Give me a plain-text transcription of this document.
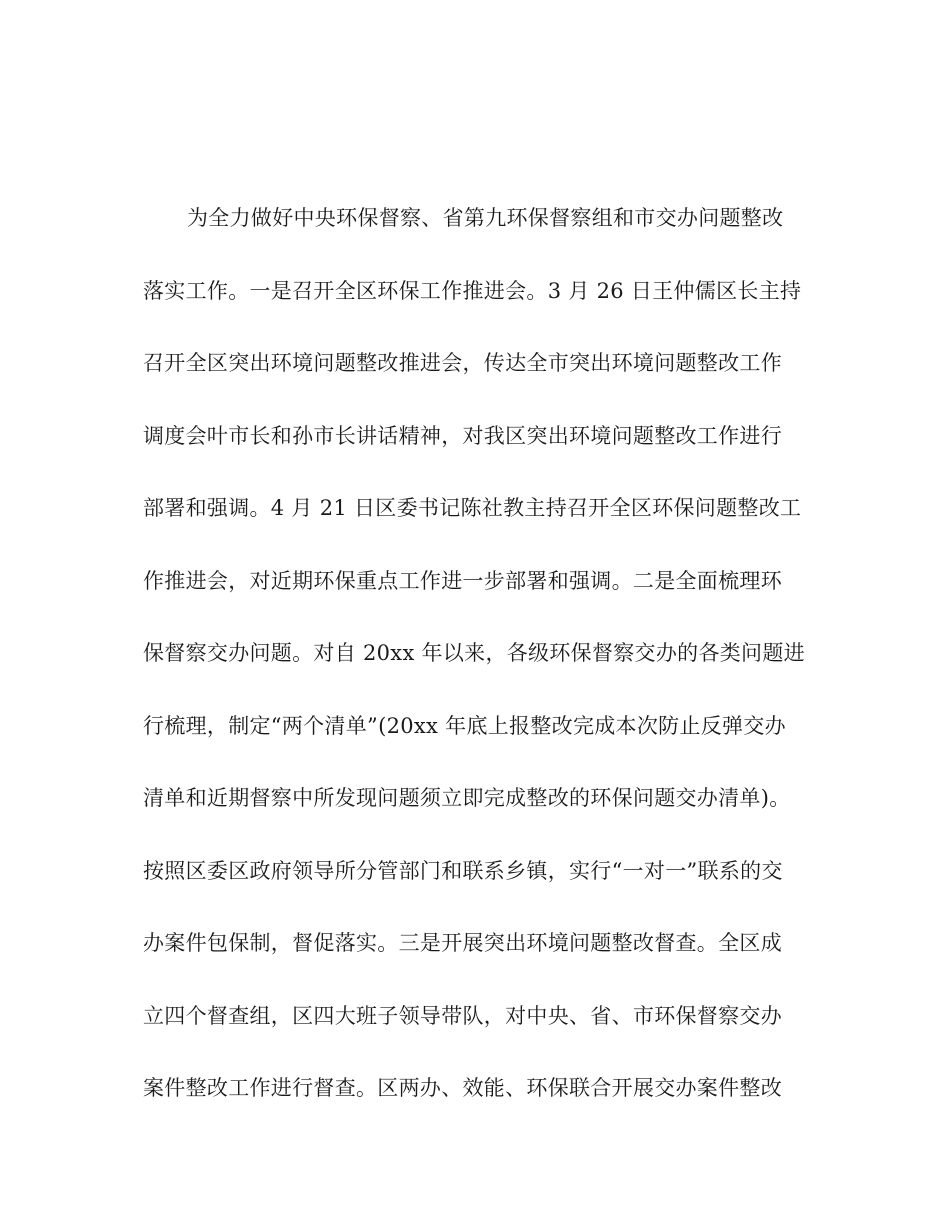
为全力做好中央环保督察、省第九环保督察组和市交办问题整改
落实工作。一是召开全区环保工作推进会。3 月 26 日王仲儒区长主持
召开全区突出环境问题整改推进会，传达全市突出环境问题整改工作
调度会叶市长和孙市长讲话精神，对我区突出环境问题整改工作进行
部署和强调。4 月 21 日区委书记陈社教主持召开全区环保问题整改工
作推进会，对近期环保重点工作进一步部署和强调。二是全面梳理环
保督察交办问题。对自 20xx 年以来，各级环保督察交办的各类问题进
行梳理，制定“两个清单”(20xx 年底上报整改完成本次防止反弹交办
清单和近期督察中所发现问题须立即完成整改的环保问题交办清单)。
按照区委区政府领导所分管部门和联系乡镇，实行“一对一”联系的交
办案件包保制，督促落实。三是开展突出环境问题整改督查。全区成
立四个督查组，区四大班子领导带队，对中央、省、市环保督察交办
案件整改工作进行督查。区两办、效能、环保联合开展交办案件整改
